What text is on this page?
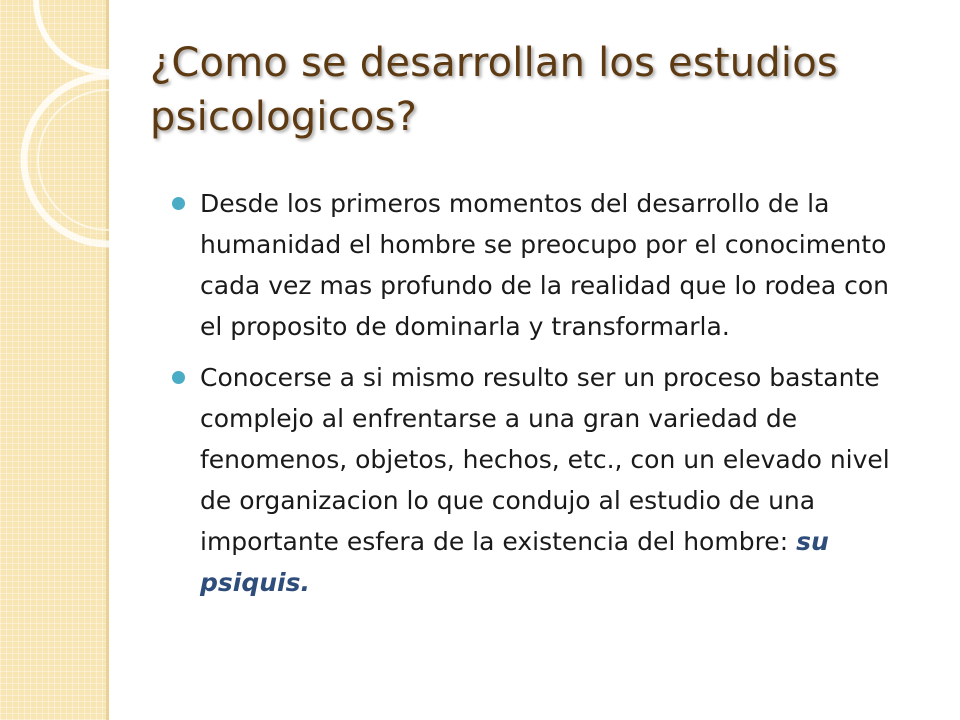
¿Como se desarrollan los estudios psicologicos?
Desde los primeros momentos del desarrollo de la humanidad el hombre se preocupo por el conocimento cada vez mas profundo de la realidad que lo rodea con el proposito de dominarla y transformarla.
Conocerse a si mismo resulto ser un proceso bastante complejo al enfrentarse a una gran variedad de fenomenos, objetos, hechos, etc., con un elevado nivel de organizacion lo que condujo al estudio de una importante esfera de la existencia del hombre: su psiquis.
